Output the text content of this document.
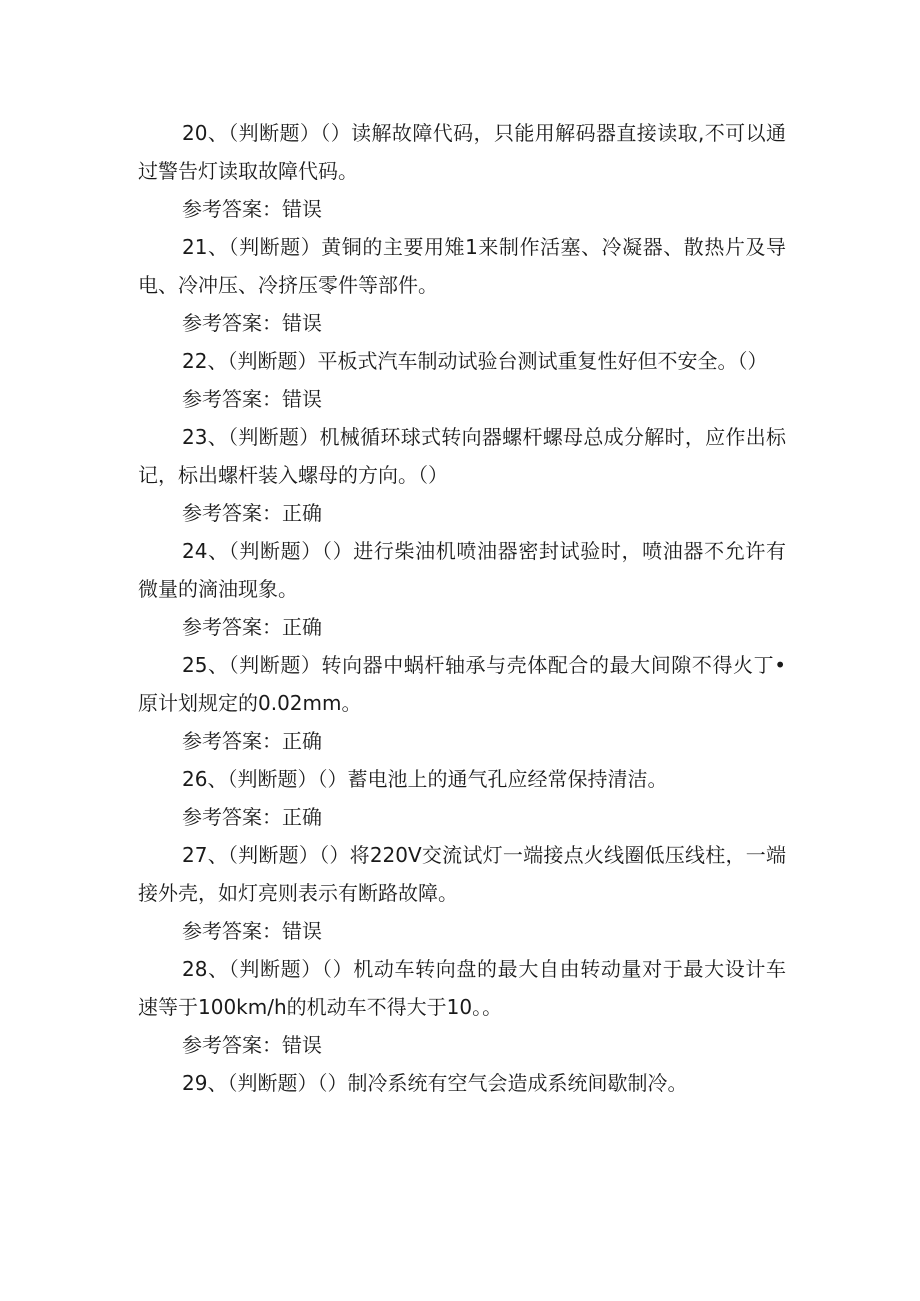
20、（判断题）（）读解故障代码，只能用解码器直接读取,不可以通过警告灯读取故障代码。

参考答案：错误

21、（判断题）黄铜的主要用雉1来制作活塞、冷凝器、散热片及导电、冷冲压、冷挤压零件等部件。

参考答案：错误

22、（判断题）平板式汽车制动试验台测试重复性好但不安全。（）

参考答案：错误

23、（判断题）机械循环球式转向器螺杆螺母总成分解时，应作出标记，标出螺杆装入螺母的方向。（）

参考答案：正确

24、（判断题）（）进行柴油机喷油器密封试验时，喷油器不允许有微量的滴油现象。

参考答案：正确

25、（判断题）转向器中蜗杆轴承与壳体配合的最大间隙不得火丁•原计划规定的0.02mm。

参考答案：正确

26、（判断题）（）蓄电池上的通气孔应经常保持清洁。

参考答案：正确

27、（判断题）（）将220V交流试灯一端接点火线圈低压线柱，一端接外壳，如灯亮则表示有断路故障。

参考答案：错误

28、（判断题）（）机动车转向盘的最大自由转动量对于最大设计车速等于100km/h的机动车不得大于10。。

参考答案：错误

29、（判断题）（）制冷系统有空气会造成系统间歇制冷。
